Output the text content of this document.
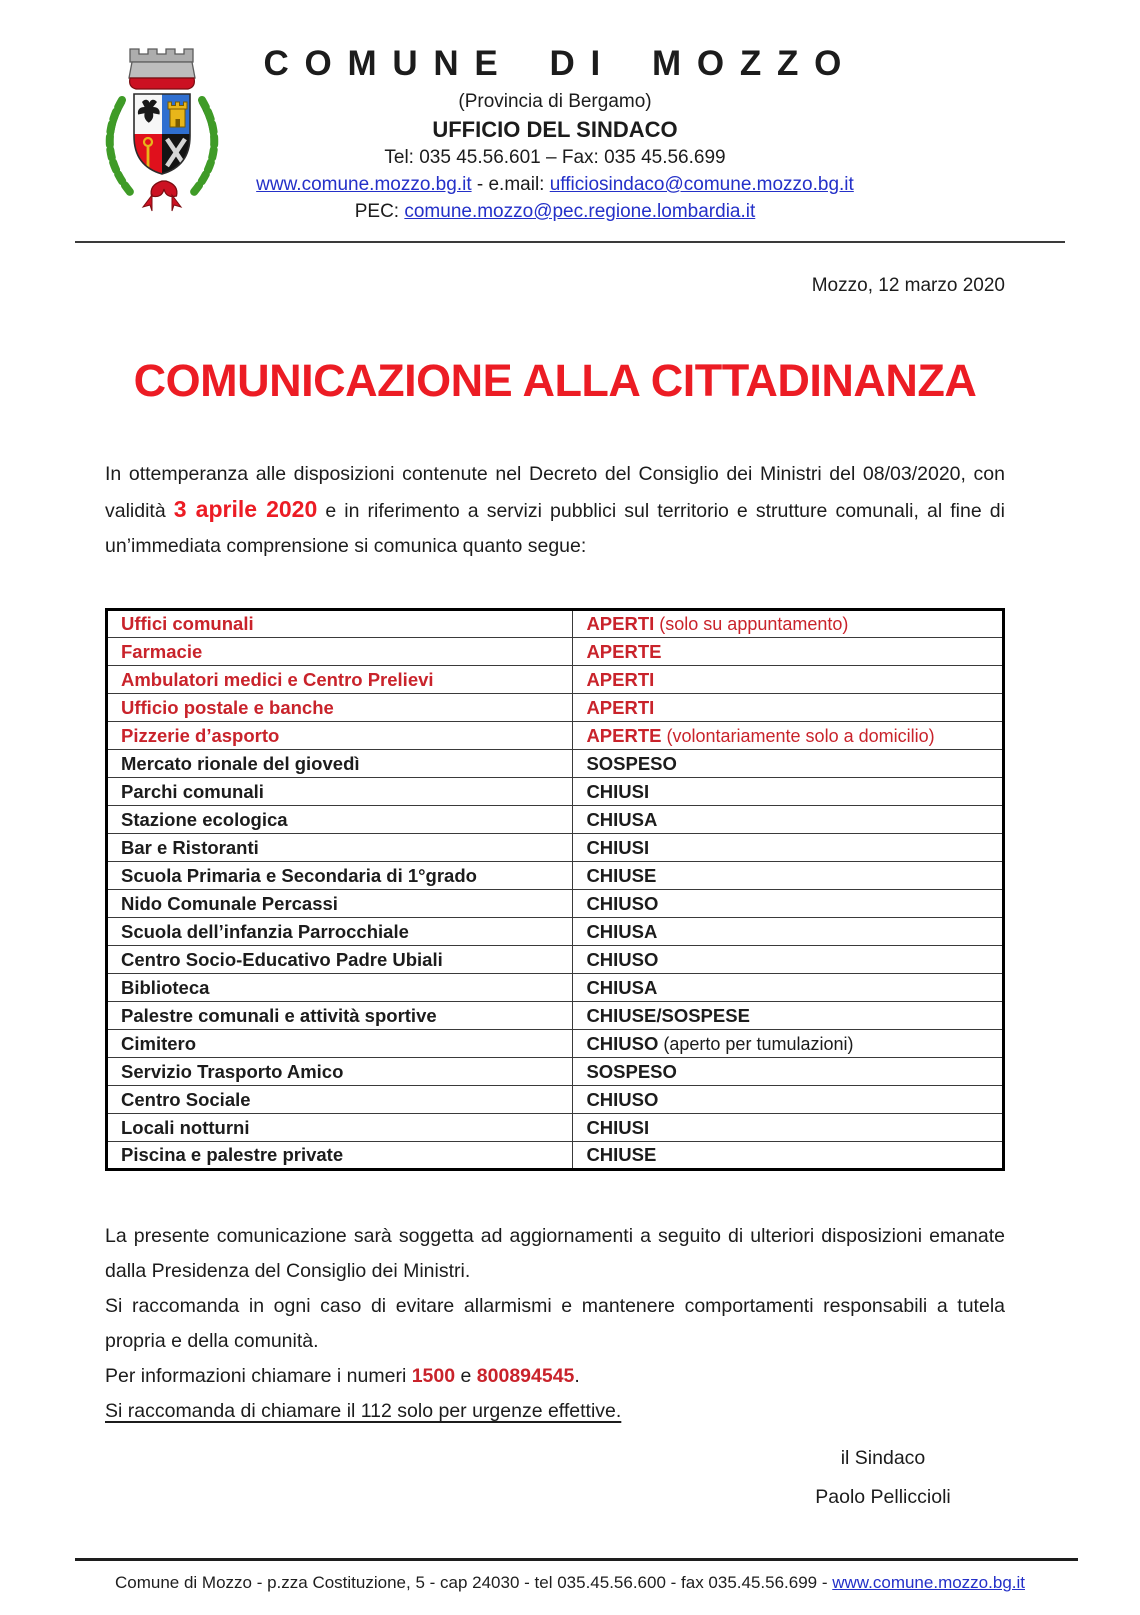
COMUNE DI MOZZO
(Provincia di Bergamo)
UFFICIO DEL SINDACO
Tel: 035 45.56.601 – Fax: 035 45.56.699
www.comune.mozzo.bg.it - e.mail: ufficiosindaco@comune.mozzo.bg.it
PEC: comune.mozzo@pec.regione.lombardia.it
Mozzo, 12 marzo 2020
COMUNICAZIONE ALLA CITTADINANZA

In ottemperanza alle disposizioni contenute nel Decreto del Consiglio dei Ministri del 08/03/2020, con validità 3 aprile 2020 e in riferimento a servizi pubblici sul territorio e strutture comunali, al fine di un’immediata comprensione si comunica quanto segue:

Uffici comunali	APERTI (solo su appuntamento)
Farmacie	APERTE
Ambulatori medici e Centro Prelievi	APERTI
Ufficio postale e banche	APERTI
Pizzerie d’asporto	APERTE (volontariamente solo a domicilio)
Mercato rionale del giovedì	SOSPESO
Parchi comunali	CHIUSI
Stazione ecologica	CHIUSA
Bar e Ristoranti	CHIUSI
Scuola Primaria e Secondaria di 1°grado	CHIUSE
Nido Comunale Percassi	CHIUSO
Scuola dell’infanzia Parrocchiale	CHIUSA
Centro Socio-Educativo Padre Ubiali	CHIUSO
Biblioteca	CHIUSA
Palestre comunali e attività sportive	CHIUSE/SOSPESE
Cimitero	CHIUSO (aperto per tumulazioni)
Servizio Trasporto Amico	SOSPESO
Centro Sociale	CHIUSO
Locali notturni	CHIUSI
Piscina e palestre private	CHIUSE

La presente comunicazione sarà soggetta ad aggiornamenti a seguito di ulteriori disposizioni emanate dalla Presidenza del Consiglio dei Ministri.

Si raccomanda in ogni caso di evitare allarmismi e mantenere comportamenti responsabili a tutela propria e della comunità.

Per informazioni chiamare i numeri 1500 e 800894545.

Si raccomanda di chiamare il 112 solo per urgenze effettive.

il Sindaco
Paolo Pelliccioli
Comune di Mozzo - p.zza Costituzione, 5 - cap 24030 - tel 035.45.56.600 - fax 035.45.56.699 - www.comune.mozzo.bg.it
